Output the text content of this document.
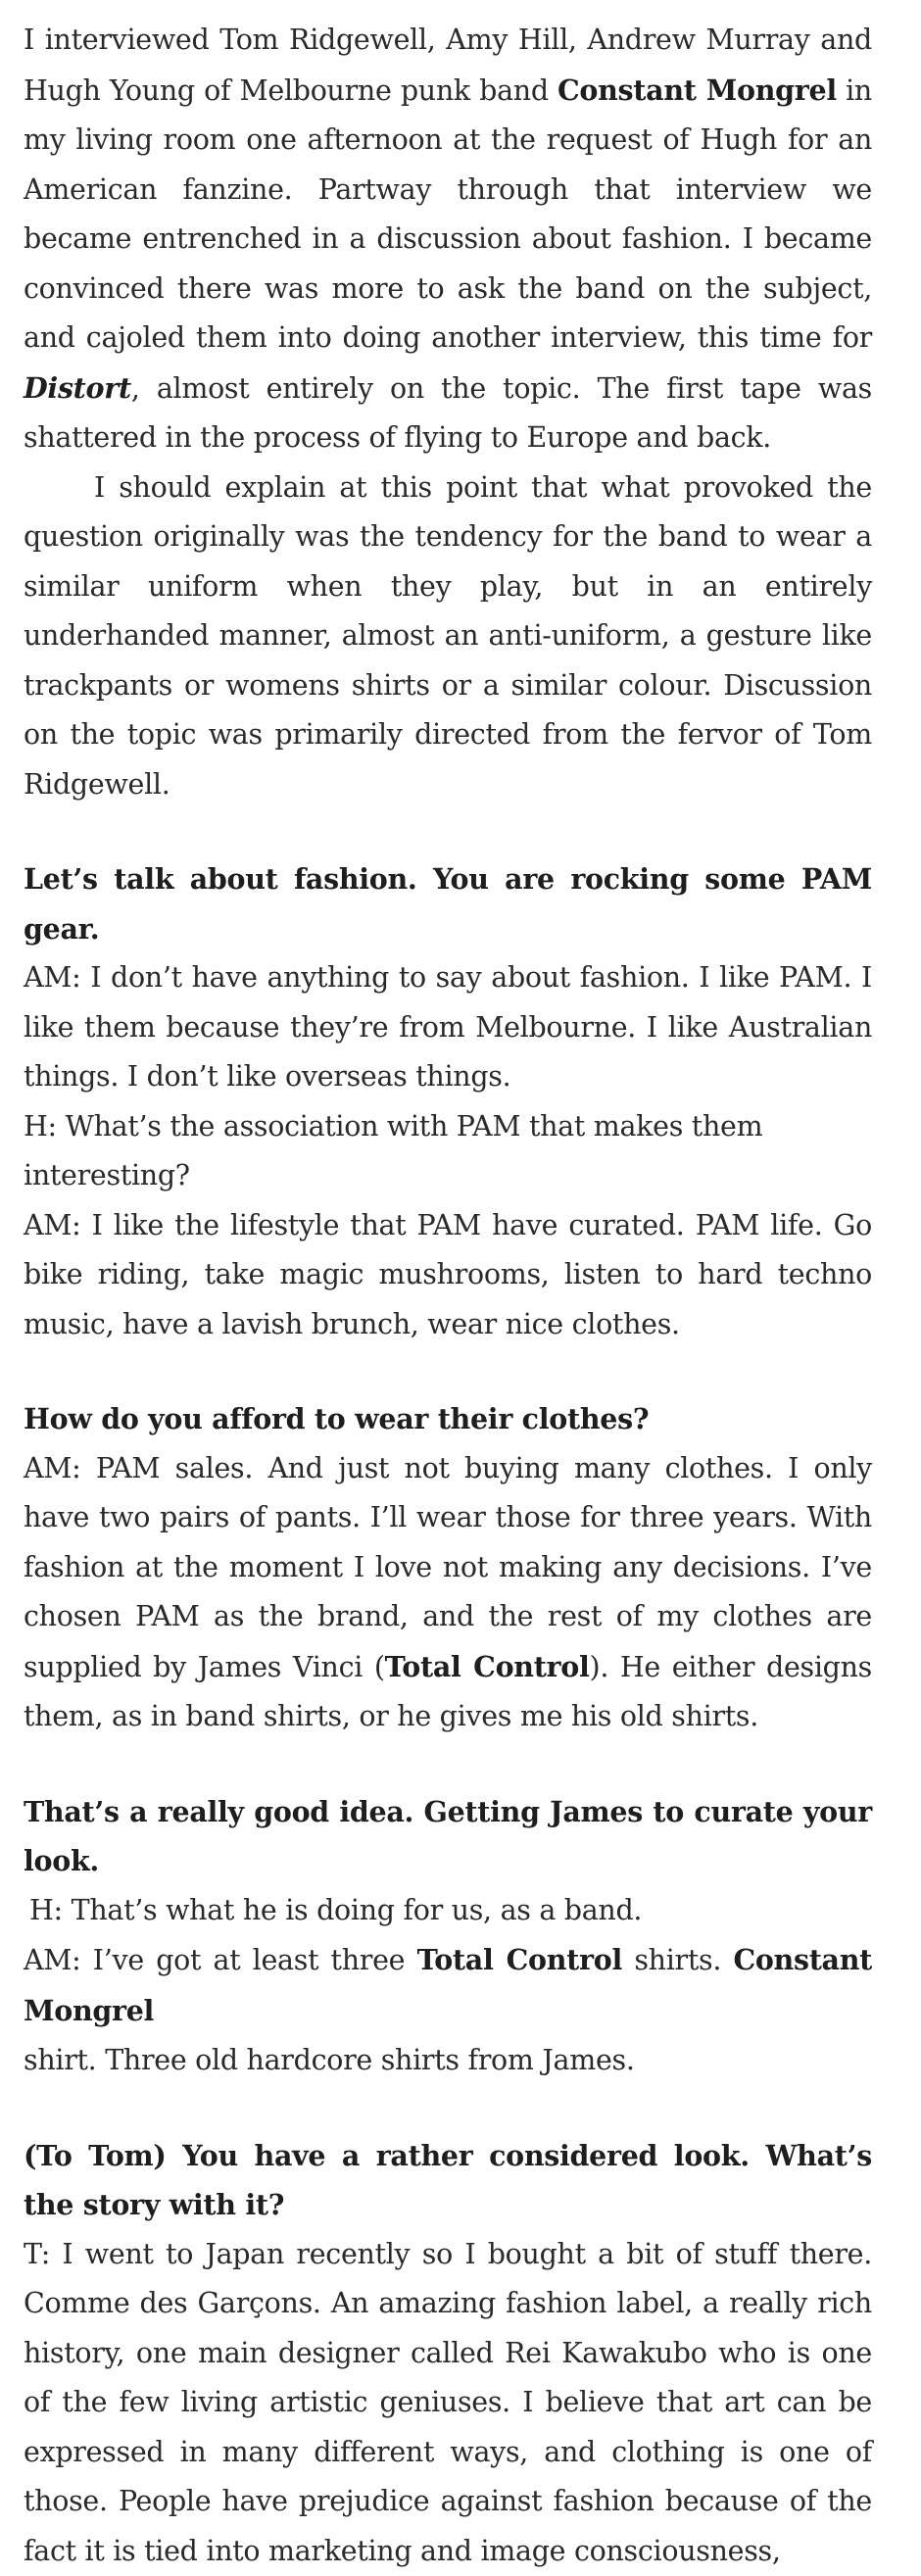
I interviewed Tom Ridgewell, Amy Hill, Andrew Murray and Hugh Young of Melbourne punk band Constant Mongrel in my living room one afternoon at the request of Hugh for an American fanzine. Partway through that interview we became entrenched in a discussion about fashion. I became convinced there was more to ask the band on the subject, and cajoled them into doing another interview, this time for Distort, almost entirely on the topic. The first tape was shattered in the process of flying to Europe and back.

I should explain at this point that what provoked the question originally was the tendency for the band to wear a similar uniform when they play, but in an entirely underhanded manner, almost an anti-uniform, a gesture like trackpants or womens shirts or a similar colour. Discussion on the topic was primarily directed from the fervor of Tom Ridgewell.

Let’s talk about fashion. You are rocking some PAM gear.

AM: I don’t have anything to say about fashion. I like PAM. I like them because they’re from Melbourne. I like Australian things. I don’t like overseas things.

H: What’s the association with PAM that makes them interesting?

AM: I like the lifestyle that PAM have curated. PAM life. Go bike riding, take magic mushrooms, listen to hard techno music, have a lavish brunch, wear nice clothes.

How do you afford to wear their clothes?

AM: PAM sales. And just not buying many clothes. I only have two pairs of pants. I’ll wear those for three years. With fashion at the moment I love not making any decisions. I’ve chosen PAM as the brand, and the rest of my clothes are supplied by James Vinci (Total Control). He either designs them, as in band shirts, or he gives me his old shirts.

That’s a really good idea. Getting James to curate your look.

H: That’s what he is doing for us, as a band.

AM: I’ve got at least three Total Control shirts. Constant Mongrel

shirt. Three old hardcore shirts from James.

(To Tom) You have a rather considered look. What’s the story with it?

T: I went to Japan recently so I bought a bit of stuff there. Comme des Garçons. An amazing fashion label, a really rich history, one main designer called Rei Kawakubo who is one of the few living artistic geniuses. I believe that art can be expressed in many different ways, and clothing is one of those. People have prejudice against fashion because of the fact it is tied into marketing and image consciousness,
